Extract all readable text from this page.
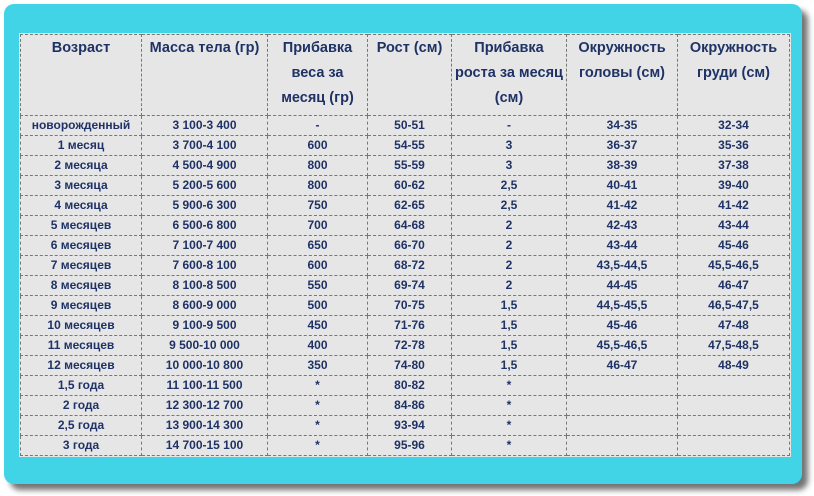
Возраст	Масса тела (гр)	Прибавка веса за месяц (гр)	Рост (см)	Прибавка роста за месяц (см)	Окружность головы (см)	Окружность груди (см)
новорожденный	3 100-3 400	-	50-51	-	34-35	32-34
1 месяц	3 700-4 100	600	54-55	3	36-37	35-36
2 месяца	4 500-4 900	800	55-59	3	38-39	37-38
3 месяца	5 200-5 600	800	60-62	2,5	40-41	39-40
4 месяца	5 900-6 300	750	62-65	2,5	41-42	41-42
5 месяцев	6 500-6 800	700	64-68	2	42-43	43-44
6 месяцев	7 100-7 400	650	66-70	2	43-44	45-46
7 месяцев	7 600-8 100	600	68-72	2	43,5-44,5	45,5-46,5
8 месяцев	8 100-8 500	550	69-74	2	44-45	46-47
9 месяцев	8 600-9 000	500	70-75	1,5	44,5-45,5	46,5-47,5
10 месяцев	9 100-9 500	450	71-76	1,5	45-46	47-48
11 месяцев	9 500-10 000	400	72-78	1,5	45,5-46,5	47,5-48,5
12 месяцев	10 000-10 800	350	74-80	1,5	46-47	48-49
1,5 года	11 100-11 500	*	80-82	*		
2 года	12 300-12 700	*	84-86	*		
2,5 года	13 900-14 300	*	93-94	*		
3 года	14 700-15 100	*	95-96	*		
